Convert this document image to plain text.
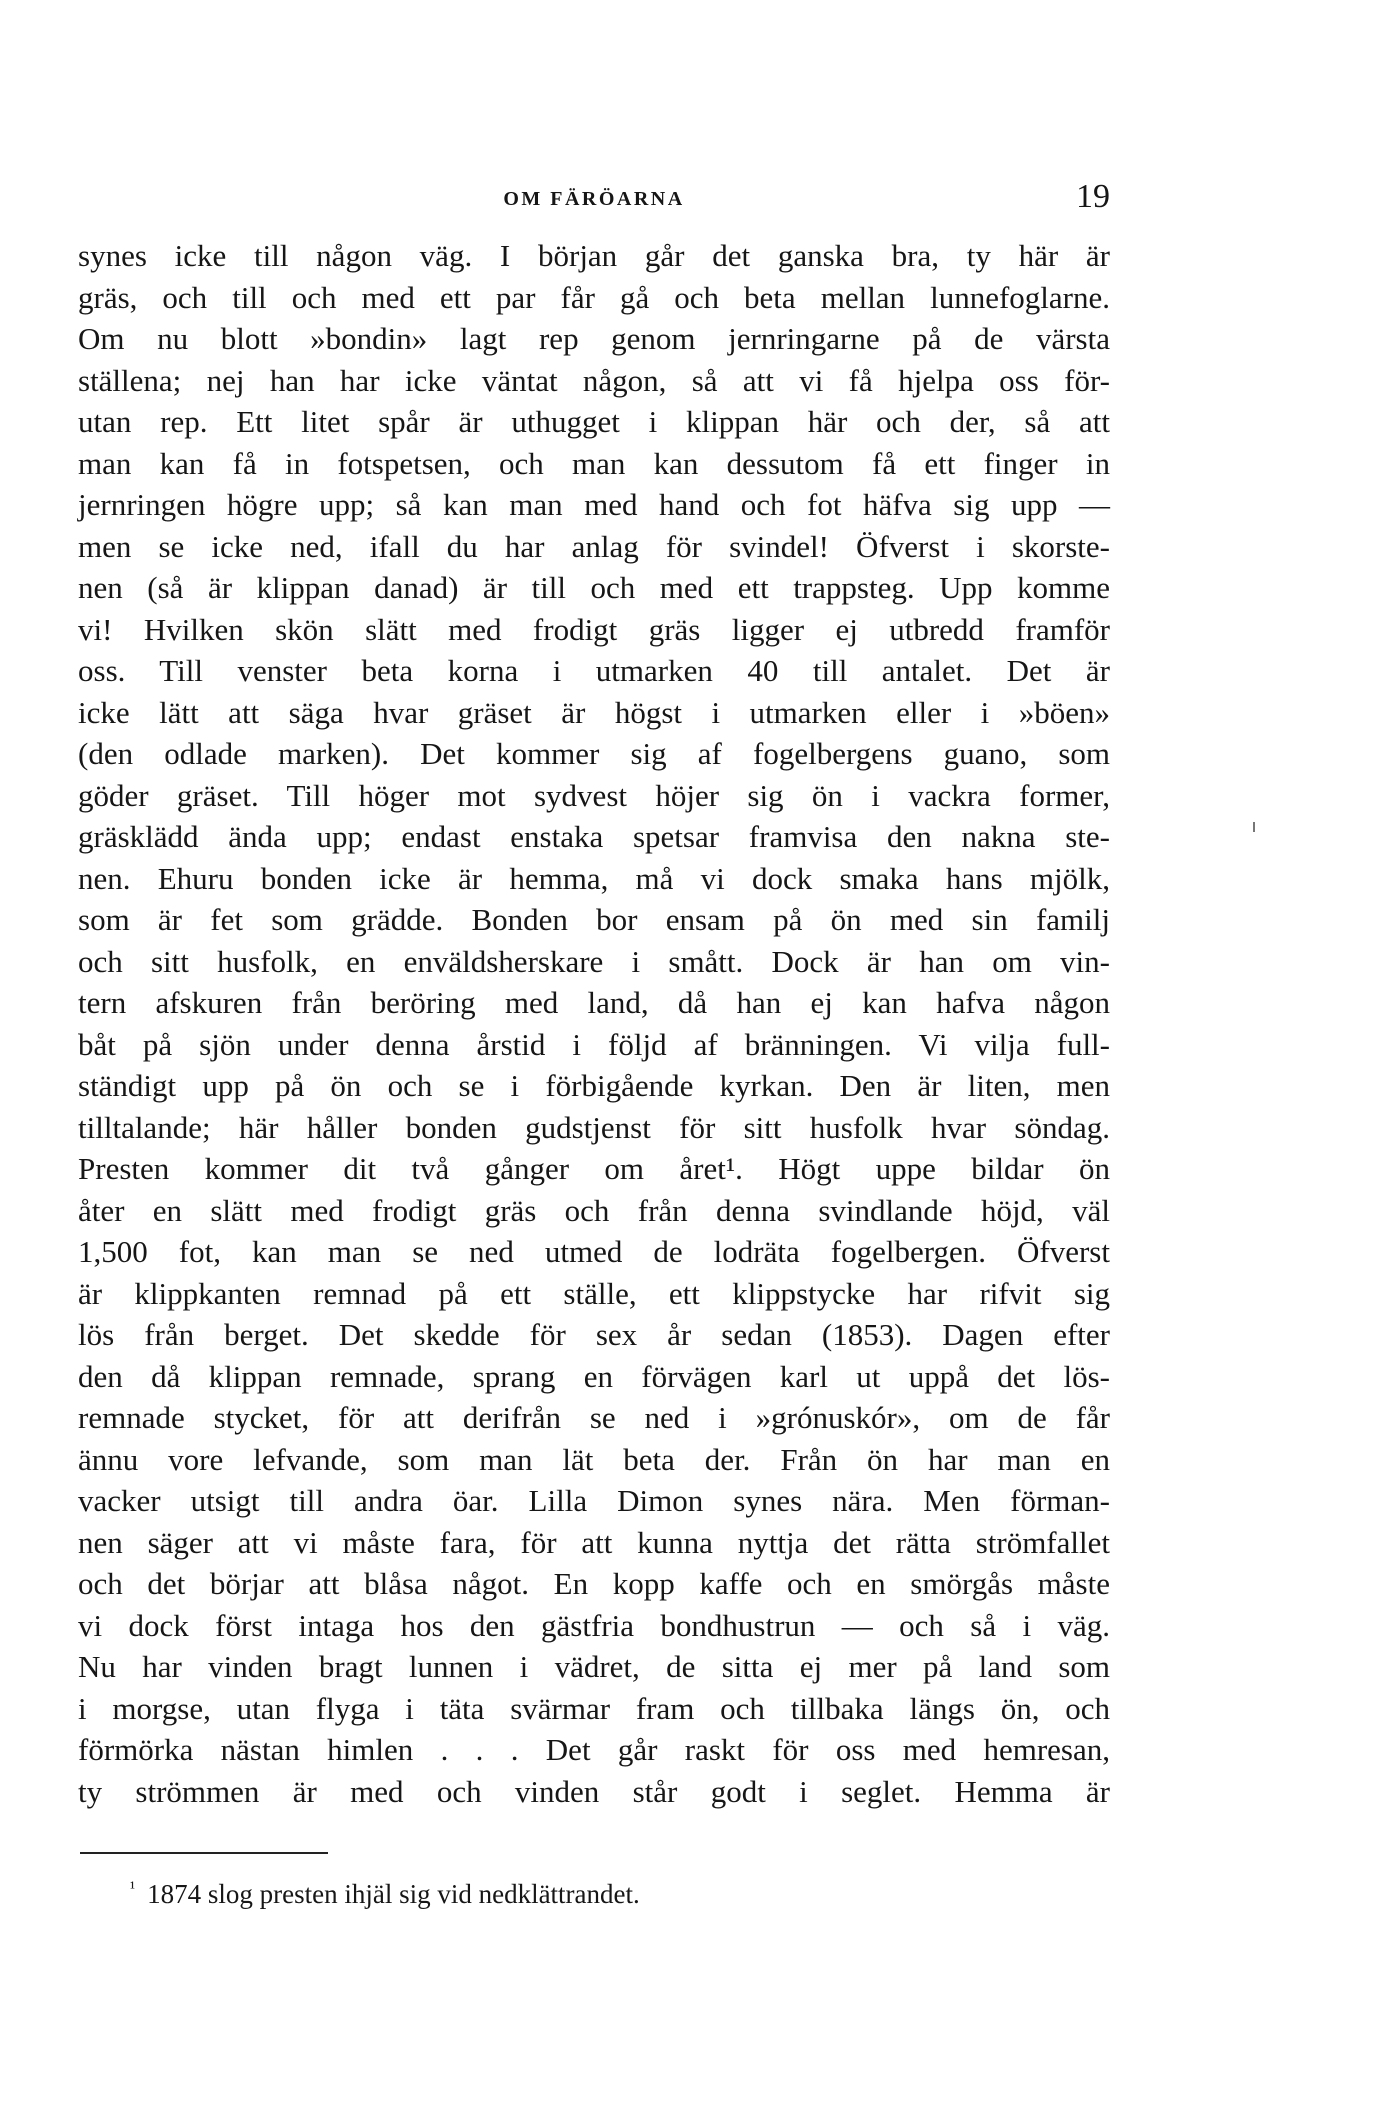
OM FÄRÖARNA	19
synes icke till någon väg. I början går det ganska bra, ty här är
gräs, och till och med ett par får gå och beta mellan lunnefoglarne.
Om nu blott »bondin» lagt rep genom jernringarne på de värsta
ställena; nej han har icke väntat någon, så att vi få hjelpa oss för-
utan rep. Ett litet spår är uthugget i klippan här och der, så att
man kan få in fotspetsen, och man kan dessutom få ett finger in
jernringen högre upp; så kan man med hand och fot häfva sig upp —
men se icke ned, ifall du har anlag för svindel! Öfverst i skorste-
nen (så är klippan danad) är till och med ett trappsteg. Upp komme
vi! Hvilken skön slätt med frodigt gräs ligger ej utbredd framför
oss. Till venster beta korna i utmarken 40 till antalet. Det är
icke lätt att säga hvar gräset är högst i utmarken eller i »böen»
(den odlade marken). Det kommer sig af fogelbergens guano, som
göder gräset. Till höger mot sydvest höjer sig ön i vackra former,
gräsklädd ända upp; endast enstaka spetsar framvisa den nakna ste-
nen. Ehuru bonden icke är hemma, må vi dock smaka hans mjölk,
som är fet som grädde. Bonden bor ensam på ön med sin familj
och sitt husfolk, en enväldsherskare i smått. Dock är han om vin-
tern afskuren från beröring med land, då han ej kan hafva någon
båt på sjön under denna årstid i följd af bränningen. Vi vilja full-
ständigt upp på ön och se i förbigående kyrkan. Den är liten, men
tilltalande; här håller bonden gudstjenst för sitt husfolk hvar söndag.
Presten kommer dit två gånger om året¹. Högt uppe bildar ön
åter en slätt med frodigt gräs och från denna svindlande höjd, väl
1,500 fot, kan man se ned utmed de lodräta fogelbergen. Öfverst
är klippkanten remnad på ett ställe, ett klippstycke har rifvit sig
lös från berget. Det skedde för sex år sedan (1853). Dagen efter
den då klippan remnade, sprang en förvägen karl ut uppå det lös-
remnade stycket, för att derifrån se ned i »grónuskór», om de får
ännu vore lefvande, som man lät beta der. Från ön har man en
vacker utsigt till andra öar. Lilla Dimon synes nära. Men förman-
nen säger att vi måste fara, för att kunna nyttja det rätta strömfallet
och det börjar att blåsa något. En kopp kaffe och en smörgås måste
vi dock först intaga hos den gästfria bondhustrun — och så i väg.
Nu har vinden bragt lunnen i vädret, de sitta ej mer på land som
i morgse, utan flyga i täta svärmar fram och tillbaka längs ön, och
förmörka nästan himlen . . . Det går raskt för oss med hemresan,
ty strömmen är med och vinden står godt i seglet. Hemma är
$^{^1}$ 1874 slog presten ihjäl sig vid nedklättrandet.
